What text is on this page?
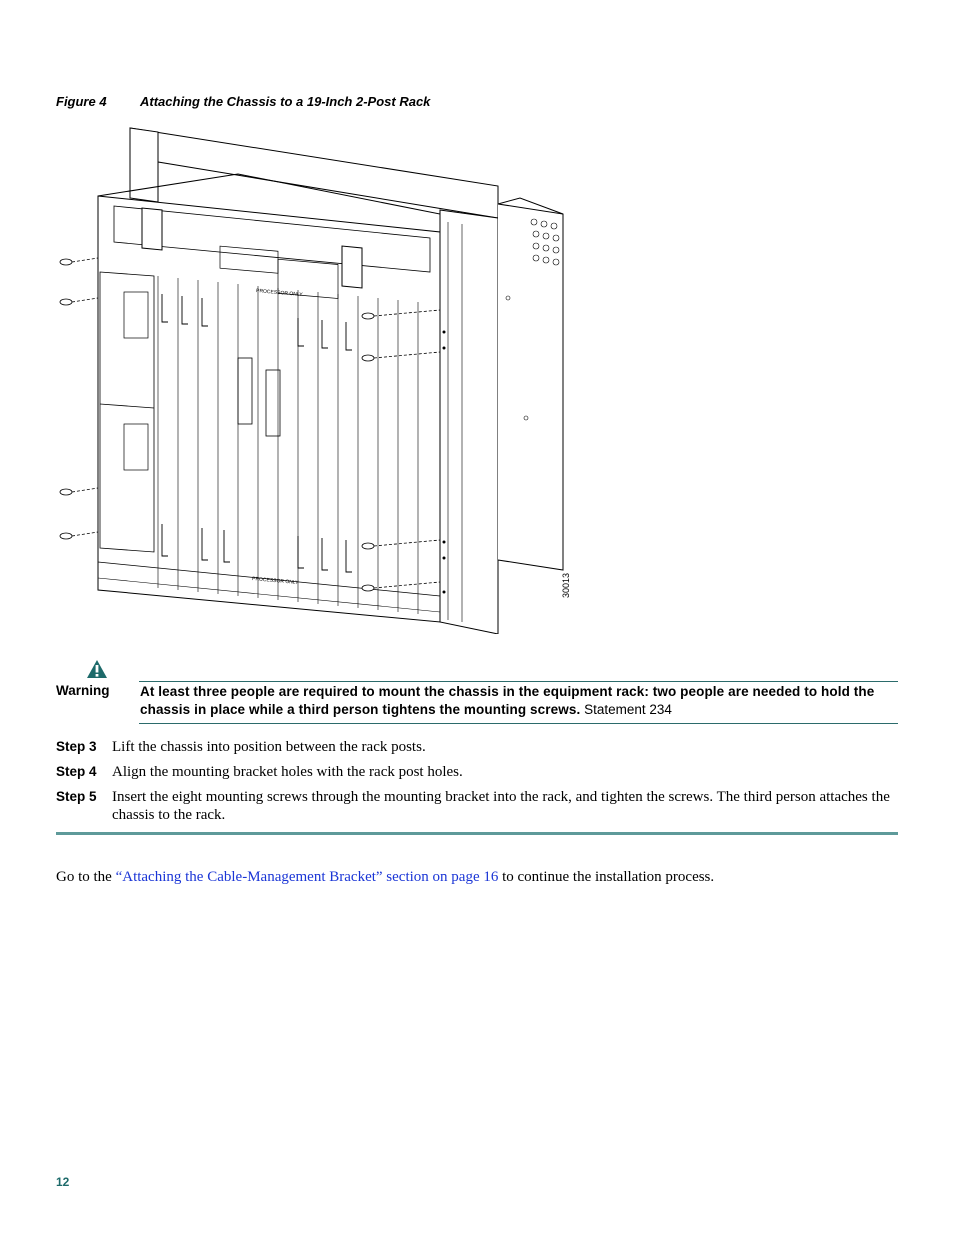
Figure 4	Attaching the Chassis to a 19-Inch 2-Post Rack
PROCESSOR ONLY
PROCESSOR ONLY	30013
Warning At least three people are required to mount the chassis in the equipment rack: two people are needed to hold the chassis in place while a third person tightens the mounting screws. Statement 234
Step 3 Lift the chassis into position between the rack posts.
Step 4 Align the mounting bracket holes with the rack post holes.
Step 5 Insert the eight mounting screws through the mounting bracket into the rack, and tighten the screws. The third person attaches the chassis to the rack.
Go to the “Attaching the Cable-Management Bracket” section on page 16 to continue the installation process.
12
